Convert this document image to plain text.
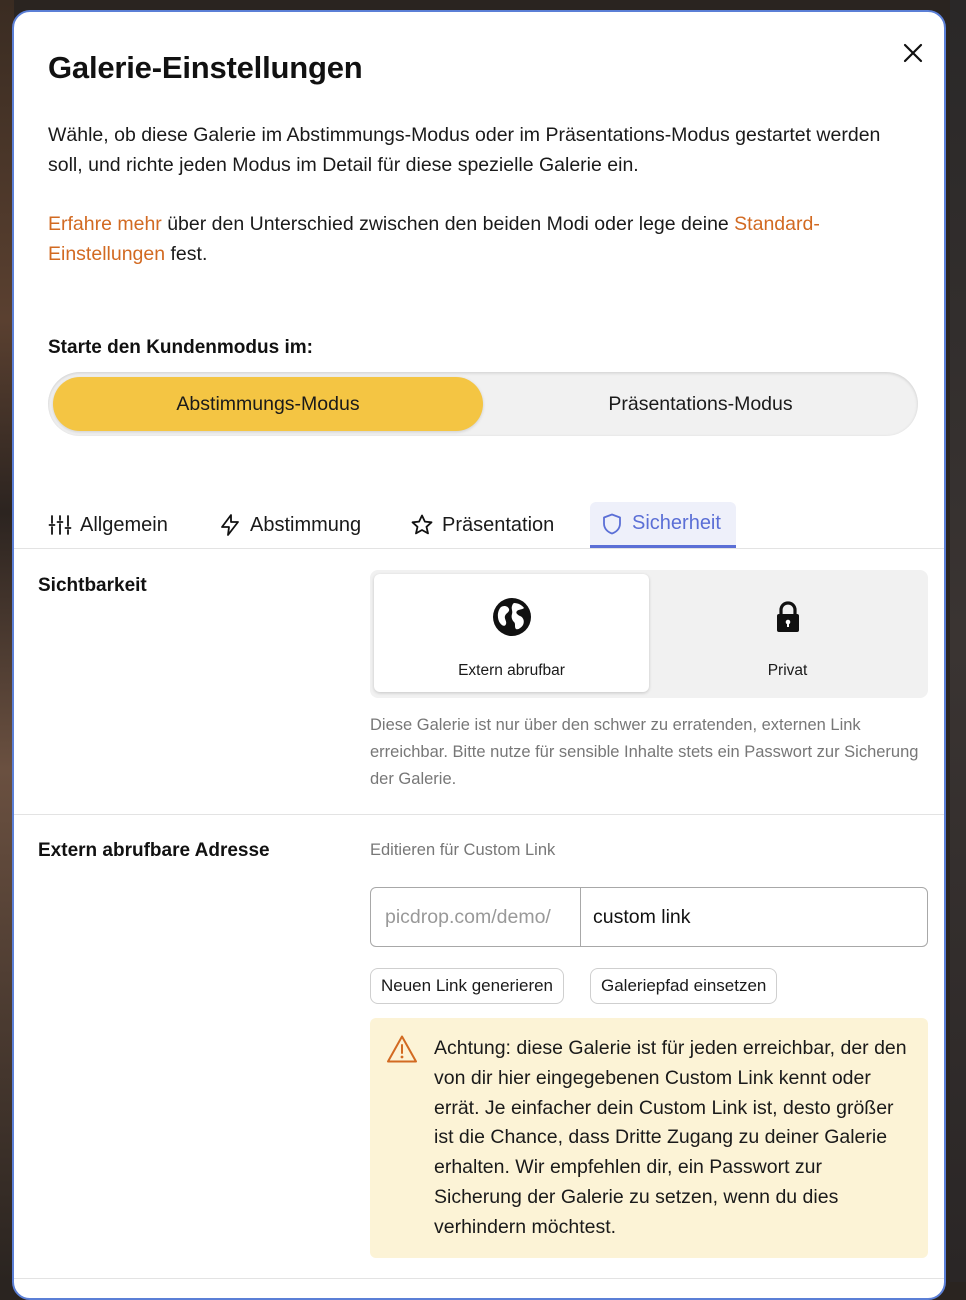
Galerie-Einstellungen

Wähle, ob diese Galerie im Abstimmungs-Modus oder im Präsentations-Modus gestartet werden soll, und richte jeden Modus im Detail für diese spezielle Galerie ein.

Erfahre mehr über den Unterschied zwischen den beiden Modi oder lege deine Standard-Einstellungen fest.

Starte den Kundenmodus im:
Abstimmungs-Modus	Präsentations-Modus
Allgemein	Abstimmung	Präsentation	Sicherheit
Sichtbarkeit
Extern abrufbar	Privat

Diese Galerie ist nur über den schwer zu erratenden, externen Link erreichbar. Bitte nutze für sensible Inhalte stets ein Passwort zur Sicherung der Galerie.

Extern abrufbare Adresse	Editieren für Custom Link
picdrop.com/demo/
custom link
Neuen Link generieren	Galeriepfad einsetzen

Achtung: diese Galerie ist für jeden erreichbar, der den von dir hier eingegebenen Custom Link kennt oder errät. Je einfacher dein Custom Link ist, desto größer ist die Chance, dass Dritte Zugang zu deiner Galerie erhalten. Wir empfehlen dir, ein Passwort zur Sicherung der Galerie zu setzen, wenn du dies verhindern möchtest.
